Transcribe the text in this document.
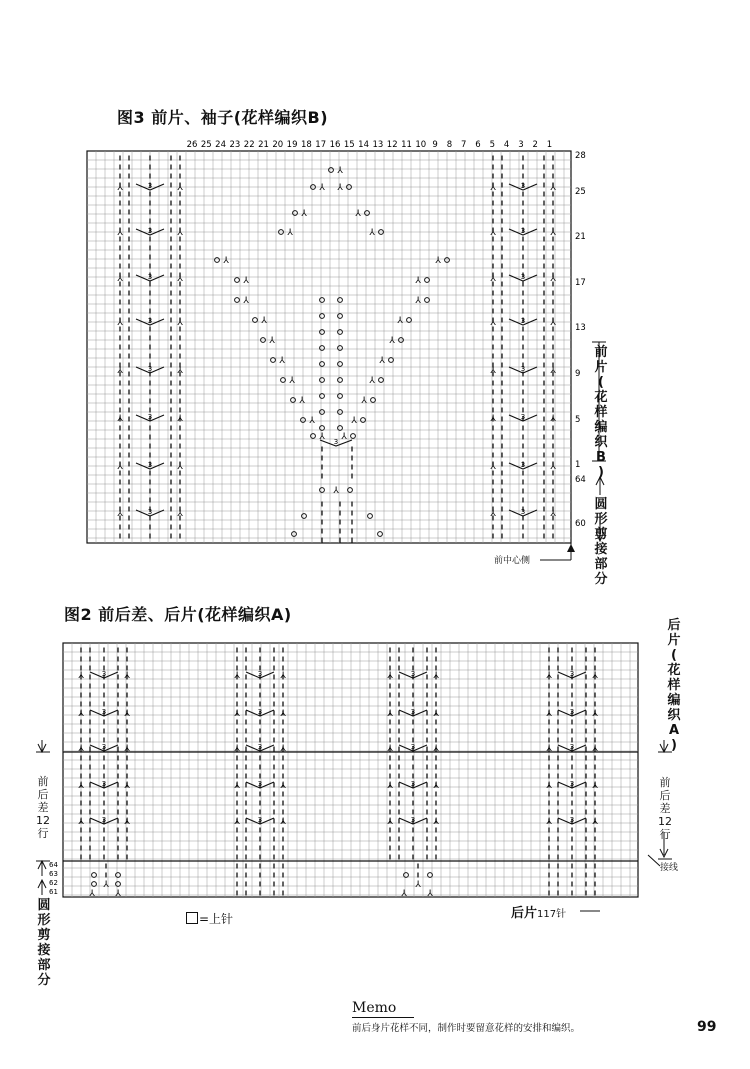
图3 前片、袖子(花样编织B)
⅄	⅄
3
⅄	⅄
3
⅄	⅄
3
⅄	⅄
3
⅄	⅄
3
⅄	⅄
3
⅄	⅄
3
⅄	⅄
3
⅄	⅄
3
⅄	⅄
3
⅄	⅄
3
⅄	⅄
3
⅄	⅄
3
⅄	⅄
3
⅄	⅄
3
⅄	⅄
3
⅄
⅄ ⅄
⅄	⅄
⅄	⅄
⅄	⅄
⅄	⅄
⅄	⅄
⅄	⅄
⅄	⅄
⅄	⅄
⅄	⅄
⅄	⅄
⅄	⅄
⅄ ⅄
3
⅄
26 25 24 23 22 21 20 19 18 17 16 15 14 13 12 11 10 9 8 7 6 5 4 3 2 1
28
25
21
17
13
9
5
1
64
60
前
片
(
花
样
编
织
B
)
圆
形
剪
接
部
分
前中心侧
图2 前后差、后片(花样编织A)
⅄	⅄
3
⅄	⅄
3
⅄	⅄
3
⅄	⅄
3
⅄	⅄
3
⅄	⅄
3
⅄	⅄
3
⅄	⅄
3
⅄	⅄
3
⅄	⅄
3
⅄	⅄
3
⅄	⅄
3
⅄	⅄
3
⅄	⅄
3
⅄	⅄
3
⅄	⅄
3
⅄	⅄
3
⅄	⅄
3
⅄	⅄
3
⅄	⅄
3
⅄
⅄
⅄	⅄
⅄
⅄
64
63
62
61
后
片
(
花
样
编
织
A
)
前
后
差
12
行
前
后
差
12
行
圆
形
剪
接
部
分
接线
后片117针
=上针
Memo
前后身片花样不同，制作时要留意花样的安排和编织。	99
